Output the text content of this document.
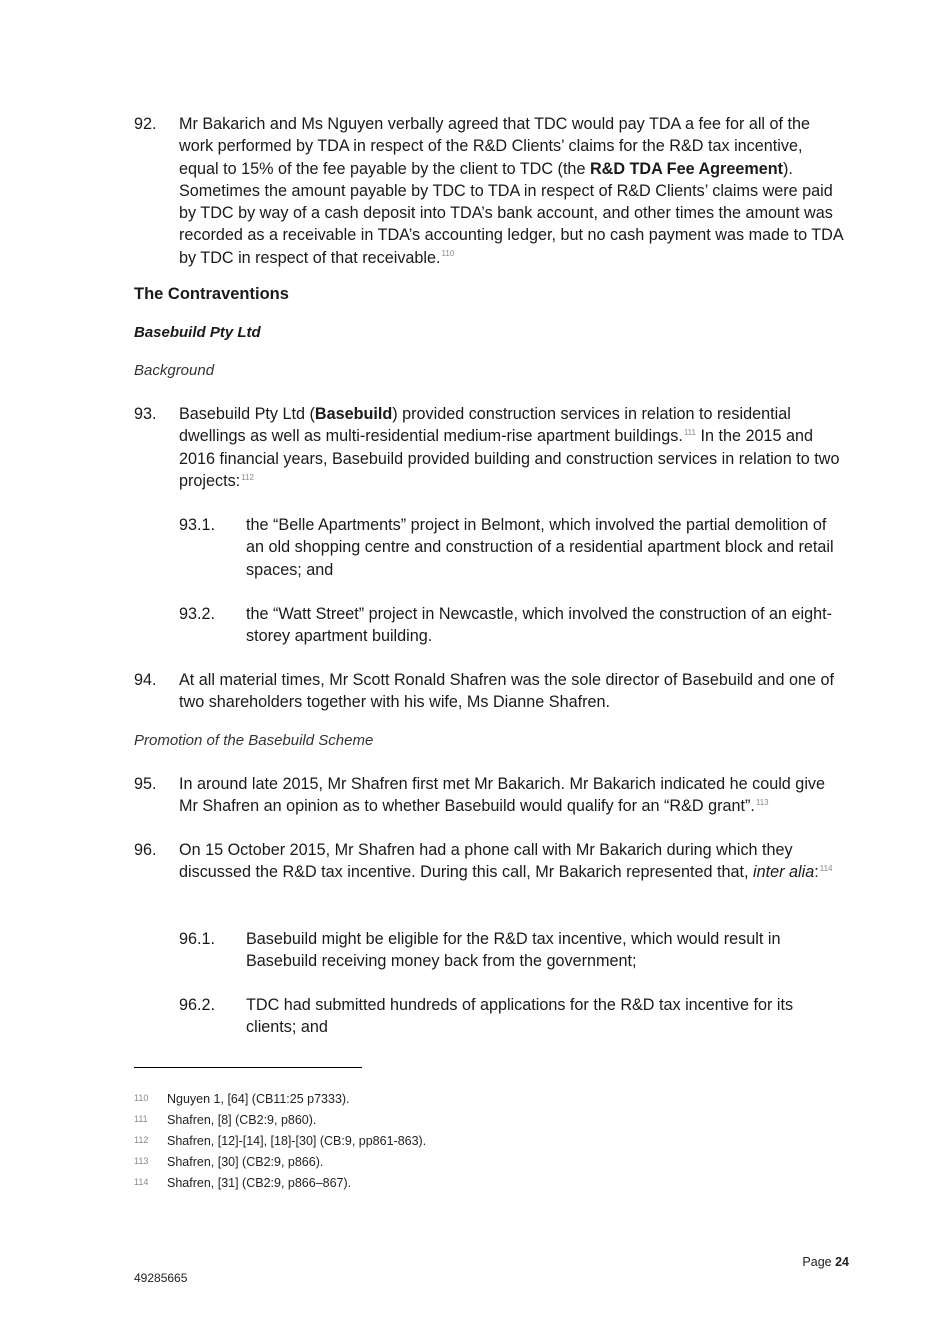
92. Mr Bakarich and Ms Nguyen verbally agreed that TDC would pay TDA a fee for all of the work performed by TDA in respect of the R&D Clients’ claims for the R&D tax incentive, equal to 15% of the fee payable by the client to TDC (the R&D TDA Fee Agreement). Sometimes the amount payable by TDC to TDA in respect of R&D Clients’ claims were paid by TDC by way of a cash deposit into TDA’s bank account, and other times the amount was recorded as a receivable in TDA’s accounting ledger, but no cash payment was made to TDA by TDC in respect of that receivable.$^{110}$
The Contraventions
Basebuild Pty Ltd
Background
93. Basebuild Pty Ltd (Basebuild) provided construction services in relation to residential dwellings as well as multi-residential medium-rise apartment buildings.$^{111}$ In the 2015 and 2016 financial years, Basebuild provided building and construction services in relation to two projects:$^{112}$
93.1. the “Belle Apartments” project in Belmont, which involved the partial demolition of an old shopping centre and construction of a residential apartment block and retail spaces; and
93.2. the “Watt Street” project in Newcastle, which involved the construction of an eight-storey apartment building.
94. At all material times, Mr Scott Ronald Shafren was the sole director of Basebuild and one of two shareholders together with his wife, Ms Dianne Shafren.
Promotion of the Basebuild Scheme
95. In around late 2015, Mr Shafren first met Mr Bakarich. Mr Bakarich indicated he could give Mr Shafren an opinion as to whether Basebuild would qualify for an “R&D grant”.$^{113}$
96. On 15 October 2015, Mr Shafren had a phone call with Mr Bakarich during which they discussed the R&D tax incentive. During this call, Mr Bakarich represented that, inter alia:$^{114}$
96.1. Basebuild might be eligible for the R&D tax incentive, which would result in Basebuild receiving money back from the government;
96.2. TDC had submitted hundreds of applications for the R&D tax incentive for its clients; and
110 Nguyen 1, [64] (CB11:25 p7333).
111 Shafren, [8] (CB2:9, p860).
112 Shafren, [12]-[14], [18]-[30] (CB:9, pp861-863).
113 Shafren, [30] (CB2:9, p866).
114 Shafren, [31] (CB2:9, p866–867).
Page 24
49285665
